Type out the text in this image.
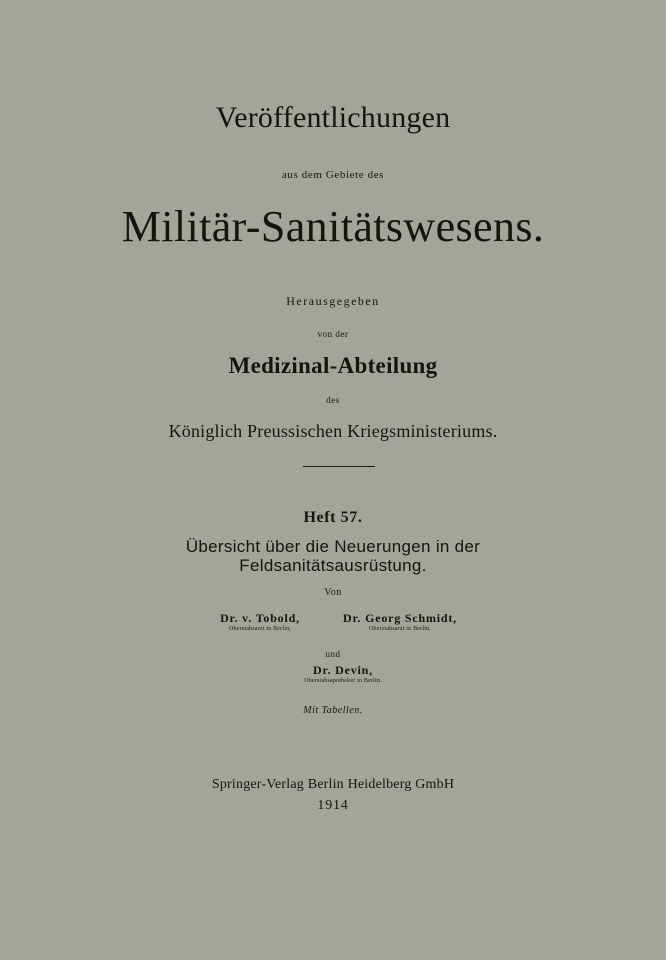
Veröffentlichungen
aus dem Gebiete des
Militär-Sanitätswesens.
Herausgegeben
von der
Medizinal-Abteilung
des
Königlich Preussischen Kriegsministeriums.
Heft 57.
Übersicht über die Neuerungen in der
Feldsanitätsausrüstung.
Von
Dr. v. Tobold,
Oberstabsarzt in Berlin,
Dr. Georg Schmidt,
Oberstabsarzt in Berlin,
und
Dr. Devin,
Oberstabsapotheker in Berlin.
Mit Tabellen.
Springer-Verlag Berlin Heidelberg GmbH
1914
